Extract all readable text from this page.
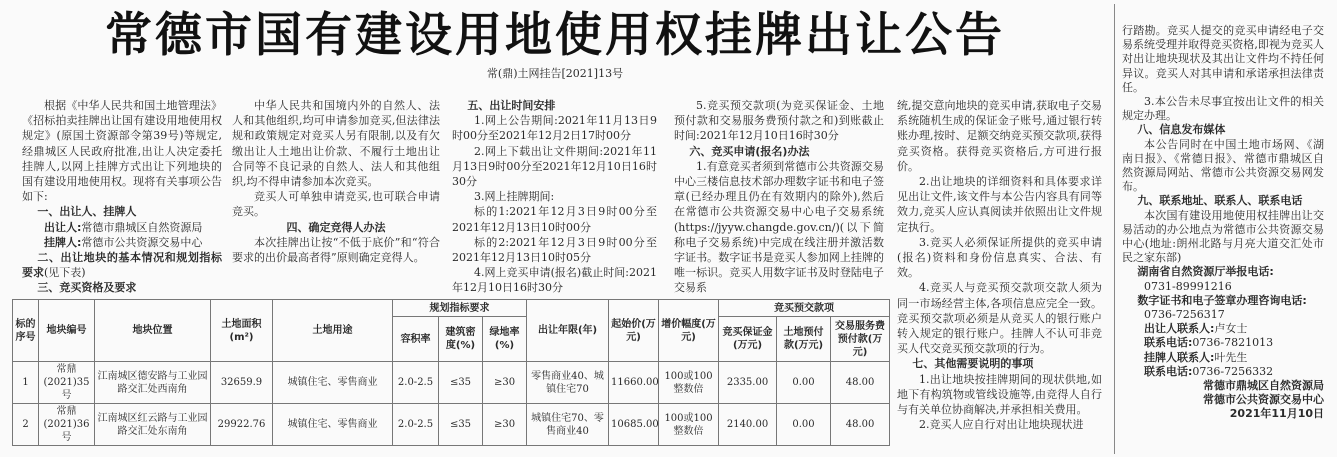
常德市国有建设用地使用权挂牌出让公告
常(鼎)土网挂告[2021]13号

根据《中华人民共和国土地管理法》《招标拍卖挂牌出让国有建设用地使用权规定》(原国土资源部令第39号)等规定,经鼎城区人民政府批准,出让人决定委托挂牌人,以网上挂牌方式出让下列地块的国有建设用地使用权。现将有关事项公告如下:

一、出让人、挂牌人

出让人:常德市鼎城区自然资源局

挂牌人:常德市公共资源交易中心

二、出让地块的基本情况和规划指标要求(见下表)

三、竞买资格及要求

中华人民共和国境内外的自然人、法人和其他组织,均可申请参加竞买,但法律法规和政策规定对竞买人另有限制,以及有欠缴出让人土地出让价款、不履行土地出让合同等不良记录的自然人、法人和其他组织,均不得申请参加本次竞买。

竞买人可单独申请竞买,也可联合申请竞买。

四、确定竞得人办法

本次挂牌出让按“不低于底价”和“符合要求的出价最高者得”原则确定竞得人。

五、出让时间安排

1.网上公告期间:2021年11月13日9时00分至2021年12月2日17时00分

2.网上下载出让文件期间:2021年11月13日9时00分至2021年12月10日16时30分

3.网上挂牌期间:

标的1:2021年12月3日9时00分至2021年12月13日10时00分

标的2:2021年12月3日9时00分至2021年12月13日10时05分

4.网上竞买申请(报名)截止时间:2021年12月10日16时30分

5.竞买预交款项(为竞买保证金、土地预付款和交易服务费预付款之和)到账截止时间:2021年12月10日16时30分

六、竞买申请(报名)办法

1.有意竞买者须到常德市公共资源交易中心三楼信息技术部办理数字证书和电子签章(已经办理且仍在有效期内的除外),然后在常德市公共资源交易中心电子交易系统(https://jyyw.changde.gov.cn/)(以下简称电子交易系统)中完成在线注册并激活数字证书。数字证书是竞买人参加网上挂牌的唯一标识。竞买人用数字证书及时登陆电子交易系

统,提交意向地块的竞买申请,获取电子交易系统随机生成的保证金子账号,通过银行转账办理,按时、足额交纳竞买预交款项,获得竞买资格。获得竞买资格后,方可进行报价。

2.出让地块的详细资料和具体要求详见出让文件,该文件与本公告内容具有同等效力,竞买人应认真阅读并依照出让文件规定执行。

3.竞买人必须保证所提供的竞买申请(报名)资料和身份信息真实、合法、有效。

4.竞买人与竞买预交款项交款人须为同一市场经营主体,各项信息应完全一致。竞买预交款项必须是从竞买人的银行账户转入规定的银行账户。挂牌人不认可非竞买人代交竞买预交款项的行为。

七、其他需要说明的事项

1.出让地块按挂牌期间的现状供地,如地下有构筑物或管线设施等,由竞得人自行与有关单位协商解决,并承担相关费用。

2.竞买人应自行对出让地块现状进

行踏勘。竞买人提交的竞买申请经电子交易系统受理并取得竞买资格,即视为竞买人对出让地块现状及其出让文件均不持任何异议。竞买人对其申请和承诺承担法律责任。

3.本公告未尽事宜按出让文件的相关规定办理。

八、信息发布媒体

本公告同时在中国土地市场网、《湖南日报》、《常德日报》、常德市鼎城区自然资源局网站、常德市公共资源交易网发布。

九、联系地址、联系人、联系电话

本次国有建设用地使用权挂牌出让交易活动的办公地点为常德市公共资源交易中心(地址:朗州北路与月亮大道交汇处市民之家东部)

湖南省自然资源厅举报电话:

0731-89991216

数字证书和电子签章办理咨询电话:

0736-7256317

出让人联系人:卢女士

联系电话:0736-7821013

挂牌人联系人:叶先生

联系电话:0736-7256332

常德市鼎城区自然资源局

常德市公共资源交易中心

2021年11月10日

标的序号	地块编号	地块位置	土地面积(m²)	土地用途	规划指标要求			出让年限(年)	起始价(万元)	增价幅度(万元)	竞买预交款项		
					容积率	建筑密度(%)	绿地率(%)				竞买保证金(万元)	土地预付款(万元)	交易服务费预付款(万元)
1	常鼎(2021)35号	江南城区德安路与工业园路交汇处西南角	32659.9	城镇住宅、零售商业	2.0-2.5	≤35	≥30	零售商业40、城镇住宅70	11660.00	100或100整数倍	2335.00	0.00	48.00
2	常鼎(2021)36号	江南城区红云路与工业园路交汇处东南角	29922.76	城镇住宅、零售商业	2.0-2.5	≤35	≥30	城镇住宅70、零售商业40	10685.00	100或100整数倍	2140.00	0.00	48.00
